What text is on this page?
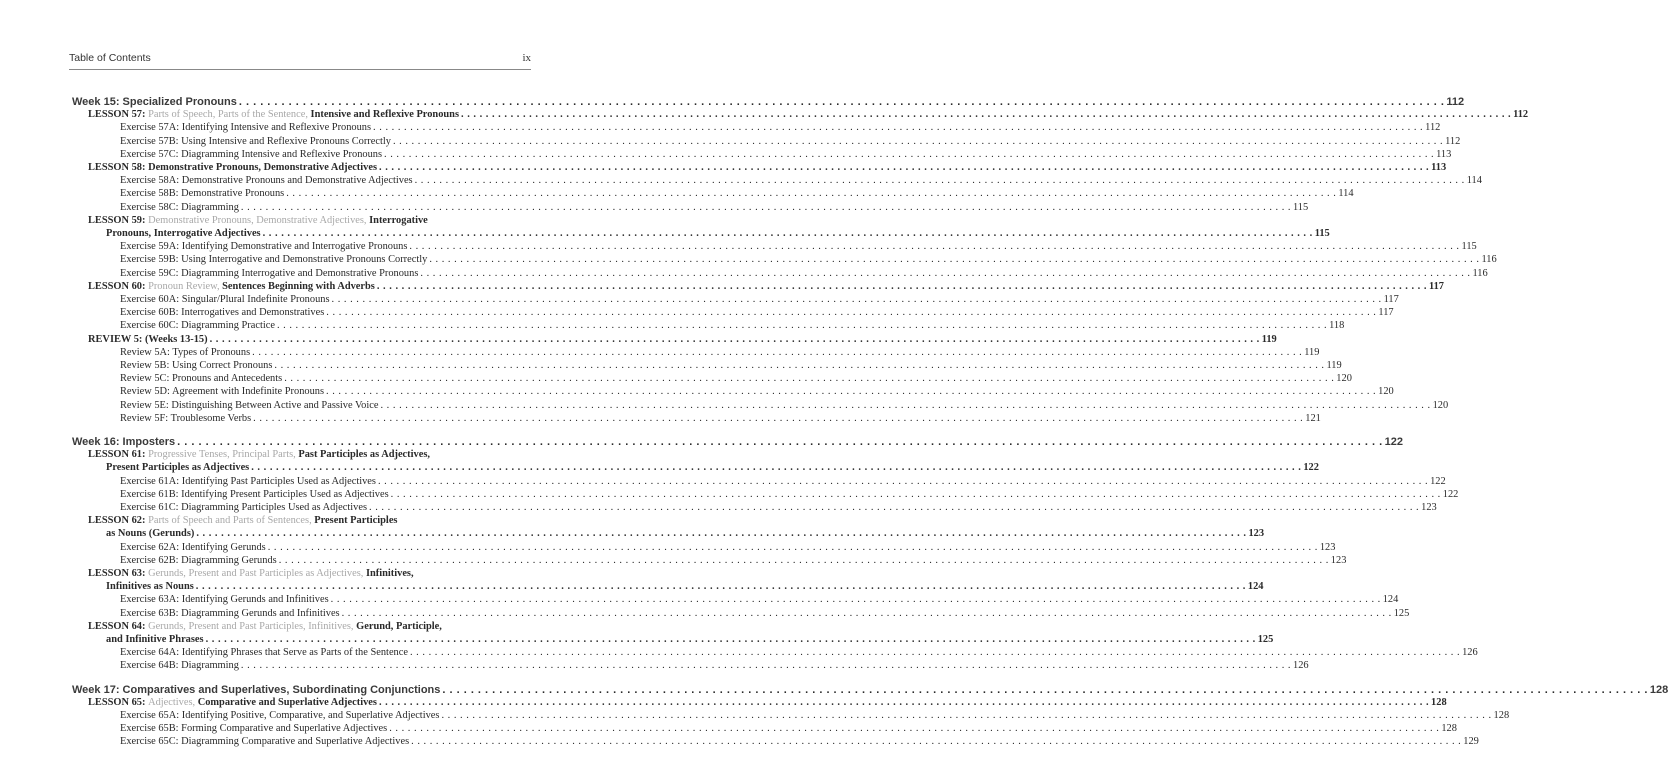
Table of Contents	ix
Week 15: Specialized Pronouns . . .	112
LESSON 57: Parts of Speech, Parts of the Sentence, Intensive and Reflexive Pronouns . . .	112
Exercise 57A: Identifying Intensive and Reflexive Pronouns . . .	112
Exercise 57B: Using Intensive and Reflexive Pronouns Correctly . . .	112
Exercise 57C: Diagramming Intensive and Reflexive Pronouns . . .	113
LESSON 58: Demonstrative Pronouns, Demonstrative Adjectives . . .	113
Exercise 58A: Demonstrative Pronouns and Demonstrative Adjectives . . .	114
Exercise 58B: Demonstrative Pronouns . . .	114
Exercise 58C: Diagramming . . .	115
LESSON 59: Demonstrative Pronouns, Demonstrative Adjectives, Interrogative
Pronouns, Interrogative Adjectives . . .	115
Exercise 59A: Identifying Demonstrative and Interrogative Pronouns . . .	115
Exercise 59B: Using Interrogative and Demonstrative Pronouns Correctly . . .	116
Exercise 59C: Diagramming Interrogative and Demonstrative Pronouns . . .	116
LESSON 60: Pronoun Review, Sentences Beginning with Adverbs . . .	117
Exercise 60A: Singular/Plural Indefinite Pronouns . . .	117
Exercise 60B: Interrogatives and Demonstratives . . .	117
Exercise 60C: Diagramming Practice . . .	118
REVIEW 5: (Weeks 13-15) . . .	119
Review 5A: Types of Pronouns . . .	119
Review 5B: Using Correct Pronouns . . .	119
Review 5C: Pronouns and Antecedents . . .	120
Review 5D: Agreement with Indefinite Pronouns . . .	120
Review 5E: Distinguishing Between Active and Passive Voice . . .	120
Review 5F: Troublesome Verbs . . .	121
Week 16: Imposters . . .	122
LESSON 61: Progressive Tenses, Principal Parts, Past Participles as Adjectives,
Present Participles as Adjectives . . .	122
Exercise 61A: Identifying Past Participles Used as Adjectives . . .	122
Exercise 61B: Identifying Present Participles Used as Adjectives . . .	122
Exercise 61C: Diagramming Participles Used as Adjectives . . .	123
LESSON 62: Parts of Speech and Parts of Sentences, Present Participles
as Nouns (Gerunds) . . .	123
Exercise 62A: Identifying Gerunds . . .	123
Exercise 62B: Diagramming Gerunds . . .	123
LESSON 63: Gerunds, Present and Past Participles as Adjectives, Infinitives,
Infinitives as Nouns . . .	124
Exercise 63A: Identifying Gerunds and Infinitives . . .	124
Exercise 63B: Diagramming Gerunds and Infinitives . . .	125
LESSON 64: Gerunds, Present and Past Participles, Infinitives, Gerund, Participle,
and Infinitive Phrases . . .	125
Exercise 64A: Identifying Phrases that Serve as Parts of the Sentence . . .	126
Exercise 64B: Diagramming . . .	126
Week 17: Comparatives and Superlatives, Subordinating Conjunctions . . .	128
LESSON 65: Adjectives, Comparative and Superlative Adjectives . . .	128
Exercise 65A: Identifying Positive, Comparative, and Superlative Adjectives . . .	128
Exercise 65B: Forming Comparative and Superlative Adjectives . . .	128
Exercise 65C: Diagramming Comparative and Superlative Adjectives . . .	129
